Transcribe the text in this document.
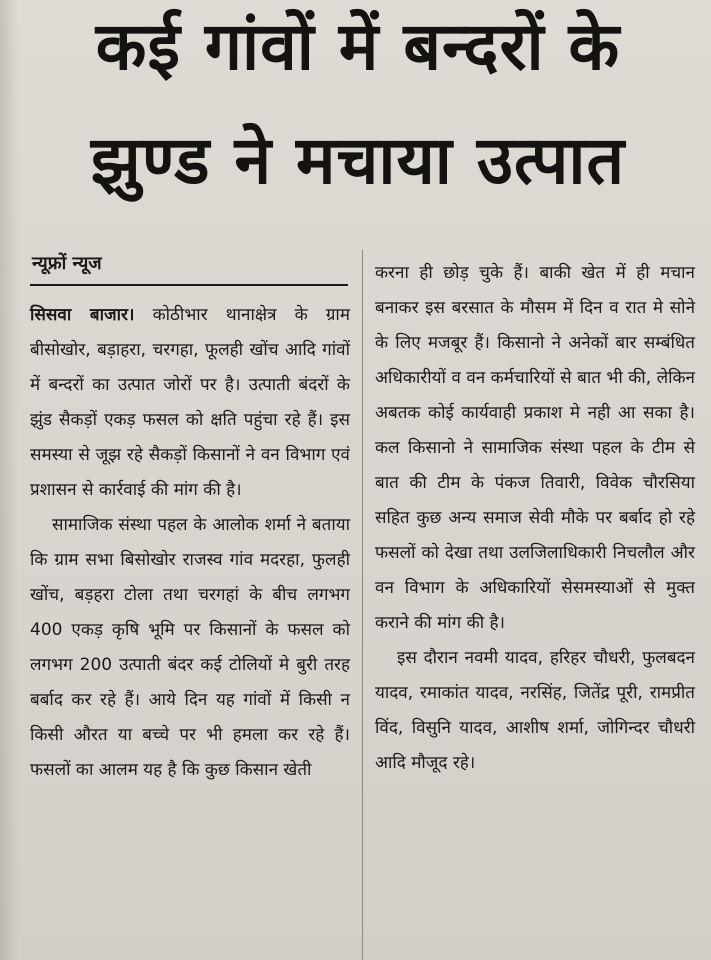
कई गांवों में बन्दरों के
झुण्ड ने मचाया उत्पात
न्यूफ्रों न्यूज

सिसवा बाजार। कोठीभार थानाक्षेत्र के ग्राम बीसोखोर, बड़ाहरा, चरगहा, फूलही खोंच आदि गांवों में बन्दरों का उत्पात जोरों पर है। उत्पाती बंदरों के झुंड सैकड़ों एकड़ फसल को क्षति पहुंचा रहे हैं। इस समस्या से जूझ रहे सैकड़ों किसानों ने वन विभाग एवं प्रशासन से कार्रवाई की मांग की है।

सामाजिक संस्था पहल के आलोक शर्मा ने बताया कि ग्राम सभा बिसोखोर राजस्व गांव मदरहा, फुलही खोंच, बड़हरा टोला तथा चरगहां के बीच लगभग 400 एकड़ कृषि भूमि पर किसानों के फसल को लगभग 200 उत्पाती बंदर कई टोलियों मे बुरी तरह बर्बाद कर रहे हैं। आये दिन यह गांवों में किसी न किसी औरत या बच्चे पर भी हमला कर रहे हैं। फसलों का आलम यह है कि कुछ किसान खेती

करना ही छोड़ चुके हैं। बाकी खेत में ही मचान बनाकर इस बरसात के मौसम में दिन व रात मे सोने के लिए मजबूर हैं। किसानो ने अनेकों बार सम्बंधित अधिकारीयों व वन कर्मचारियों से बात भी की, लेकिन अबतक कोई कार्यवाही प्रकाश मे नही आ सका है। कल किसानो ने सामाजिक संस्था पहल के टीम से बात की टीम के पंकज तिवारी, विवेक चौरसिया सहित कुछ अन्य समाज सेवी मौके पर बर्बाद हो रहे फसलों को देखा तथा उलजिलाधिकारी निचलौल और वन विभाग के अधिकारियों सेसमस्याओं से मुक्त कराने की मांग की है।

इस दौरान नवमी यादव, हरिहर चौधरी, फुलबदन यादव, रमाकांत यादव, नरसिंह, जितेंद्र पूरी, रामप्रीत विंद, विसुनि यादव, आशीष शर्मा, जोगिन्दर चौधरी आदि मौजूद रहे।
